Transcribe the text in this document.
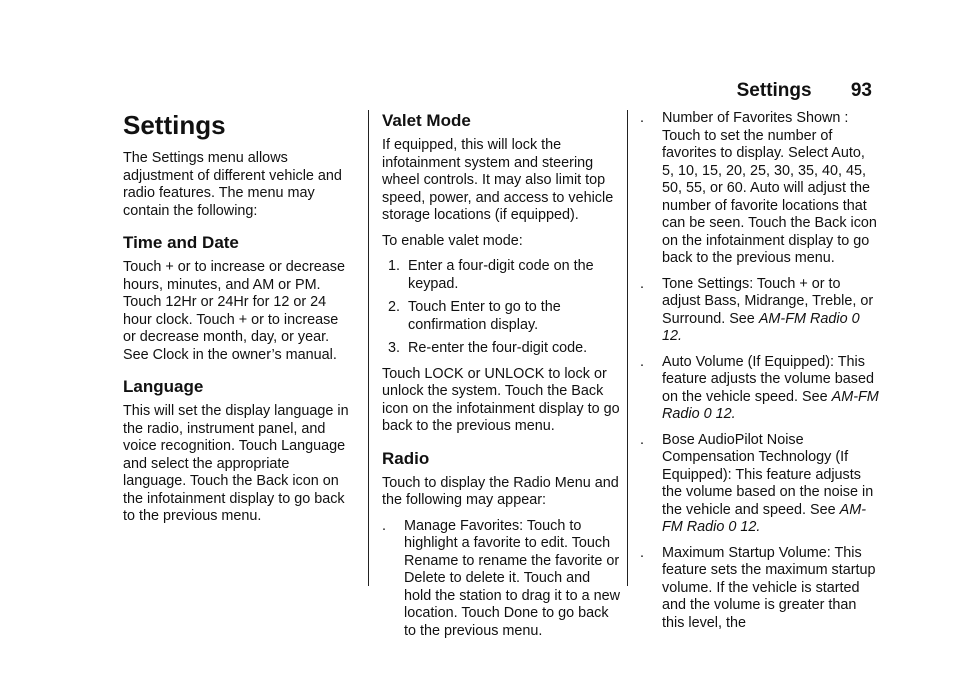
Settings 93
Settings

The Settings menu allows adjustment of different vehicle and radio features. The menu may contain the following:

Time and Date

Touch + or to increase or decrease hours, minutes, and AM or PM. Touch 12Hr or 24Hr for 12 or 24 hour clock. Touch + or to increase or decrease month, day, or year. See Clock in the owner’s manual.

Language

This will set the display language in the radio, instrument panel, and voice recognition. Touch Language and select the appropriate language. Touch the Back icon on the infotainment display to go back to the previous menu.

Valet Mode

If equipped, this will lock the infotainment system and steering wheel controls. It may also limit top speed, power, and access to vehicle storage locations (if equipped).

To enable valet mode:

1. Enter a four-digit code on the keypad.
2. Touch Enter to go to the confirmation display.
3. Re-enter the four-digit code.

Touch LOCK or UNLOCK to lock or unlock the system. Touch the Back icon on the infotainment display to go back to the previous menu.

Radio

Touch to display the Radio Menu and the following may appear:

.	Manage Favorites: Touch to highlight a favorite to edit. Touch Rename to rename the favorite or Delete to delete it. Touch and hold the station to drag it to a new location. Touch Done to go back to the previous menu.
.	Number of Favorites Shown : Touch to set the number of favorites to display. Select Auto, 5, 10, 15, 20, 25, 30, 35, 40, 45, 50, 55, or 60. Auto will adjust the number of favorite locations that can be seen. Touch the Back icon on the infotainment display to go back to the previous menu.
.	Tone Settings: Touch + or to adjust Bass, Midrange, Treble, or Surround. See AM-FM Radio 0 12.
.	Auto Volume (If Equipped): This feature adjusts the volume based on the vehicle speed. See AM-FM Radio 0 12.
.	Bose AudioPilot Noise Compensation Technology (If Equipped): This feature adjusts the volume based on the noise in the vehicle and speed. See AM-FM Radio 0 12.
.	Maximum Startup Volume: This feature sets the maximum startup volume. If the vehicle is started and the volume is greater than this level, the
